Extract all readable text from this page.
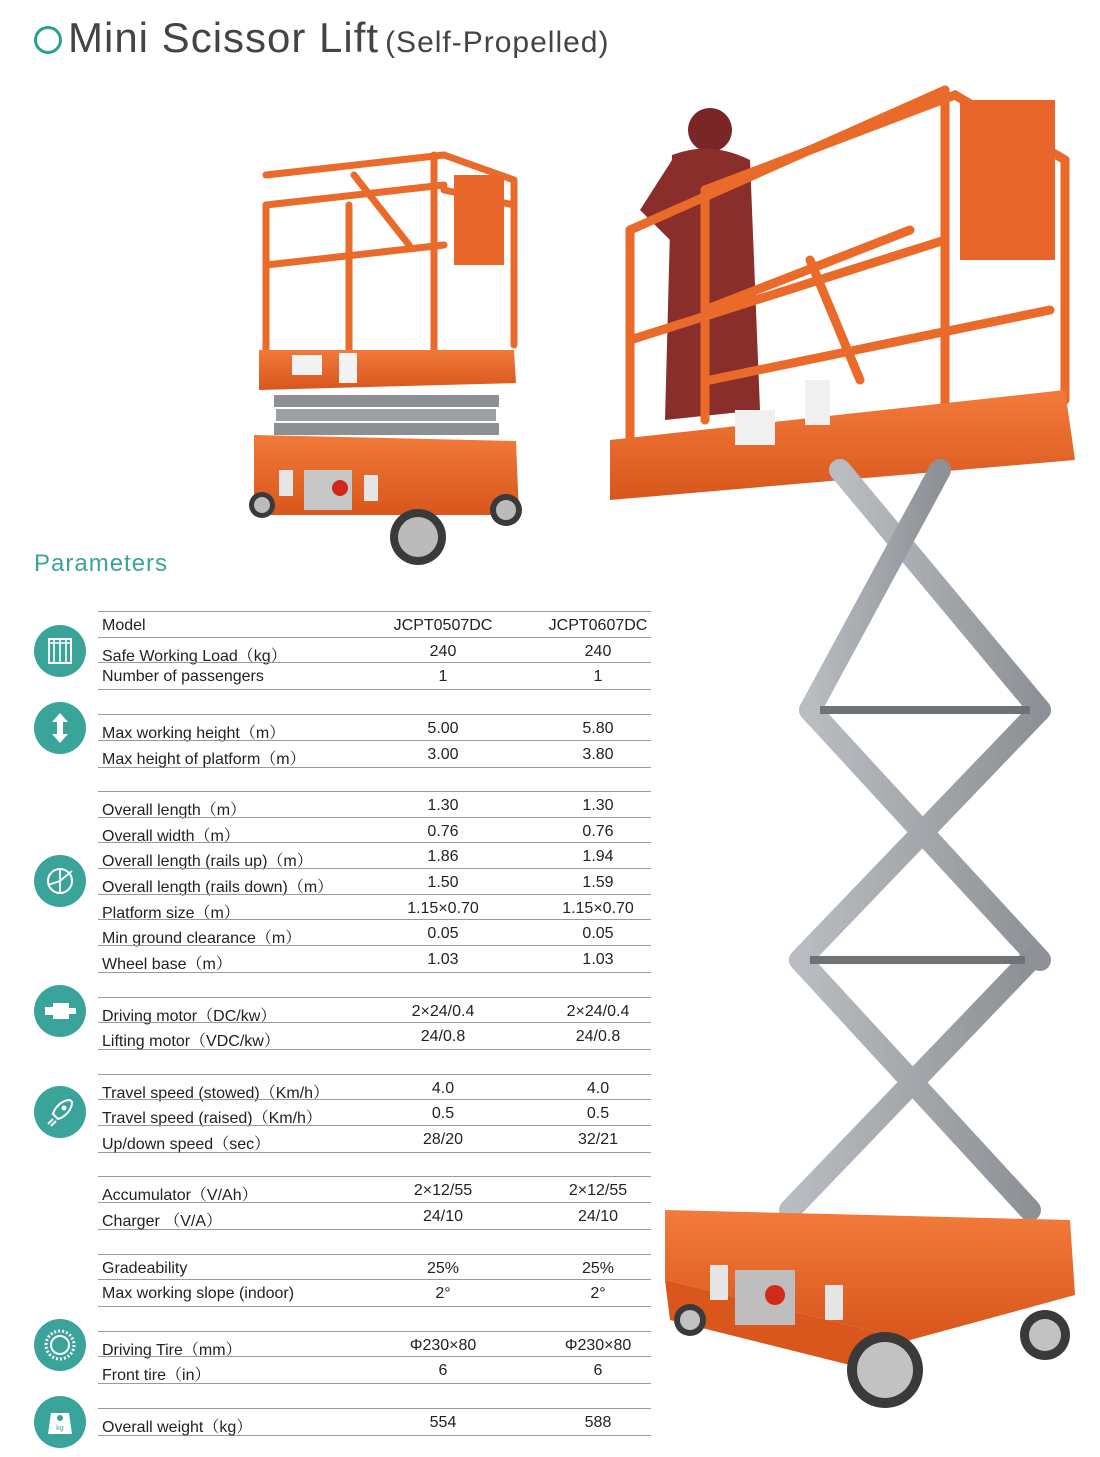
Mini Scissor Lift (Self-Propelled)
Parameters
Model	JCPT0507DC	JCPT0607DC
Safe Working Load（kg）	240	240
Number of passengers	1	1
Max working height（m）	5.00	5.80
Max height of platform（m）	3.00	3.80
Overall length（m）	1.30	1.30
Overall width（m）	0.76	0.76
Overall length (rails up)（m）	1.86	1.94
Overall length (rails down)（m）	1.50	1.59
Platform size（m）	1.15×0.70	1.15×0.70
Min ground clearance（m）	0.05	0.05
Wheel base（m）	1.03	1.03
Driving motor（DC/kw）	2×24/0.4	2×24/0.4
Lifting motor（VDC/kw）	24/0.8	24/0.8
Travel speed (stowed)（Km/h）	4.0	4.0
Travel speed (raised)（Km/h）	0.5	0.5
Up/down speed（sec）	28/20	32/21
Accumulator（V/Ah）	2×12/55	2×12/55
Charger （V/A）	24/10	24/10
Gradeability	25%	25%
Max working slope (indoor)	2°	2°
Driving Tire（mm）	Φ230×80	Φ230×80
Front tire（in）	6	6
Overall weight（kg）	554	588
kg
